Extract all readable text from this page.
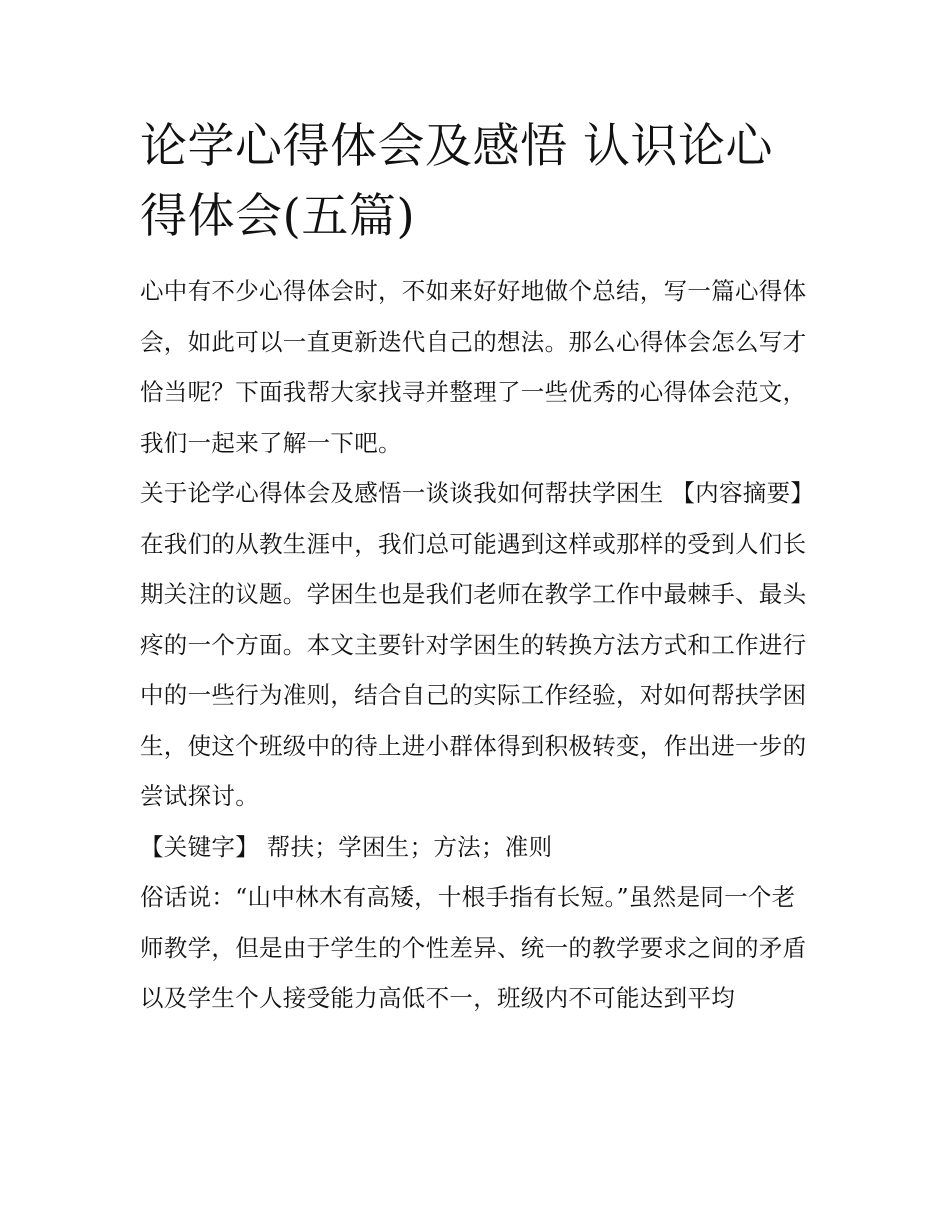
论学心得体会及感悟 认识论心得体会(五篇)

心中有不少心得体会时，不如来好好地做个总结，写一篇心得体会，如此可以一直更新迭代自己的想法。那么心得体会怎么写才恰当呢？下面我帮大家找寻并整理了一些优秀的心得体会范文，我们一起来了解一下吧。

关于论学心得体会及感悟一谈谈我如何帮扶学困生 【内容摘要】

在我们的从教生涯中，我们总可能遇到这样或那样的受到人们长期关注的议题。学困生也是我们老师在教学工作中最棘手、最头疼的一个方面。本文主要针对学困生的转换方法方式和工作进行中的一些行为准则，结合自己的实际工作经验，对如何帮扶学困生，使这个班级中的待上进小群体得到积极转变，作出进一步的尝试探讨。

【关键字】 帮扶；学困生；方法；准则

俗话说：“山中林木有高矮，十根手指有长短。”虽然是同一个老师教学，但是由于学生的个性差异、统一的教学要求之间的矛盾以及学生个人接受能力高低不一，班级内不可能达到平均
